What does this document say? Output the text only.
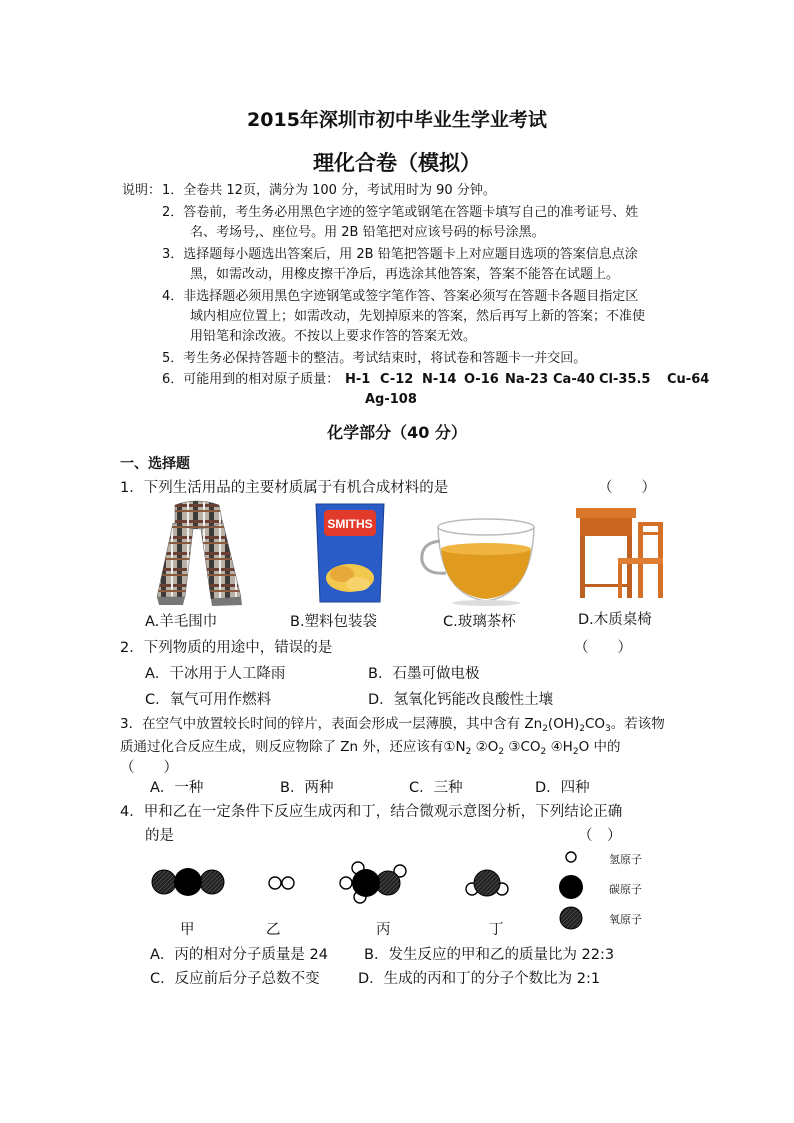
2015年深圳市初中毕业生学业考试
理化合卷（模拟）
说明： 1．全卷共 12页，满分为 100 分，考试用时为 90 分钟。
2．答卷前，考生务必用黑色字迹的签字笔或钢笔在答题卡填写自己的准考证号、姓
名、考场号,、座位号。用 2B 铅笔把对应该号码的标号涂黑。
3．选择题每小题选出答案后，用 2B 铅笔把答题卡上对应题目选项的答案信息点涂
黑，如需改动，用橡皮擦干净后，再选涂其他答案，答案不能答在试题上。
4．非选择题必须用黑色字迹钢笔或签字笔作答、答案必须写在答题卡各题目指定区
域内相应位置上；如需改动，先划掉原来的答案，然后再写上新的答案；不准使
用铅笔和涂改液。不按以上要求作答的答案无效。
5．考生务必保持答题卡的整洁。考试结束时，将试卷和答题卡一并交回。
6．可能用到的相对原子质量： H-1 C-12 N-14 O-16 Na-23 Ca-40 Cl-35.5 Cu-64
Ag-108
化学部分（40 分）
一、选择题
1．下列生活用品的主要材质属于有机合成材料的是	（　　）
SMITHS
A.羊毛围巾	B.塑料包装袋	C.玻璃茶杯	D.木质桌椅
2．下列物质的用途中，错误的是	（　　）
A．干冰用于人工降雨	B．石墨可做电极
C．氧气可用作燃料	D．氢氧化钙能改良酸性土壤
3．在空气中放置较长时间的锌片，表面会形成一层薄膜，其中含有 $Zn_2(OH)_2CO_3$。若该物
质通过化合反应生成，则反应物除了 Zn 外，还应该有$①N_2$ $②O_2$ $③CO_2$ $④H_2O$ 中的
（　　）
A．一种	B．两种	C．三种	D．四种
4．甲和乙在一定条件下反应生成丙和丁，结合微观示意图分析，下列结论正确
的是	（　）
氢原子
碳原子
氧原子
甲	乙	丙	丁
A．丙的相对分子质量是 24 B．发生反应的甲和乙的质量比为 22:3
C．反应前后分子总数不变	D．生成的丙和丁的分子个数比为 2:1
